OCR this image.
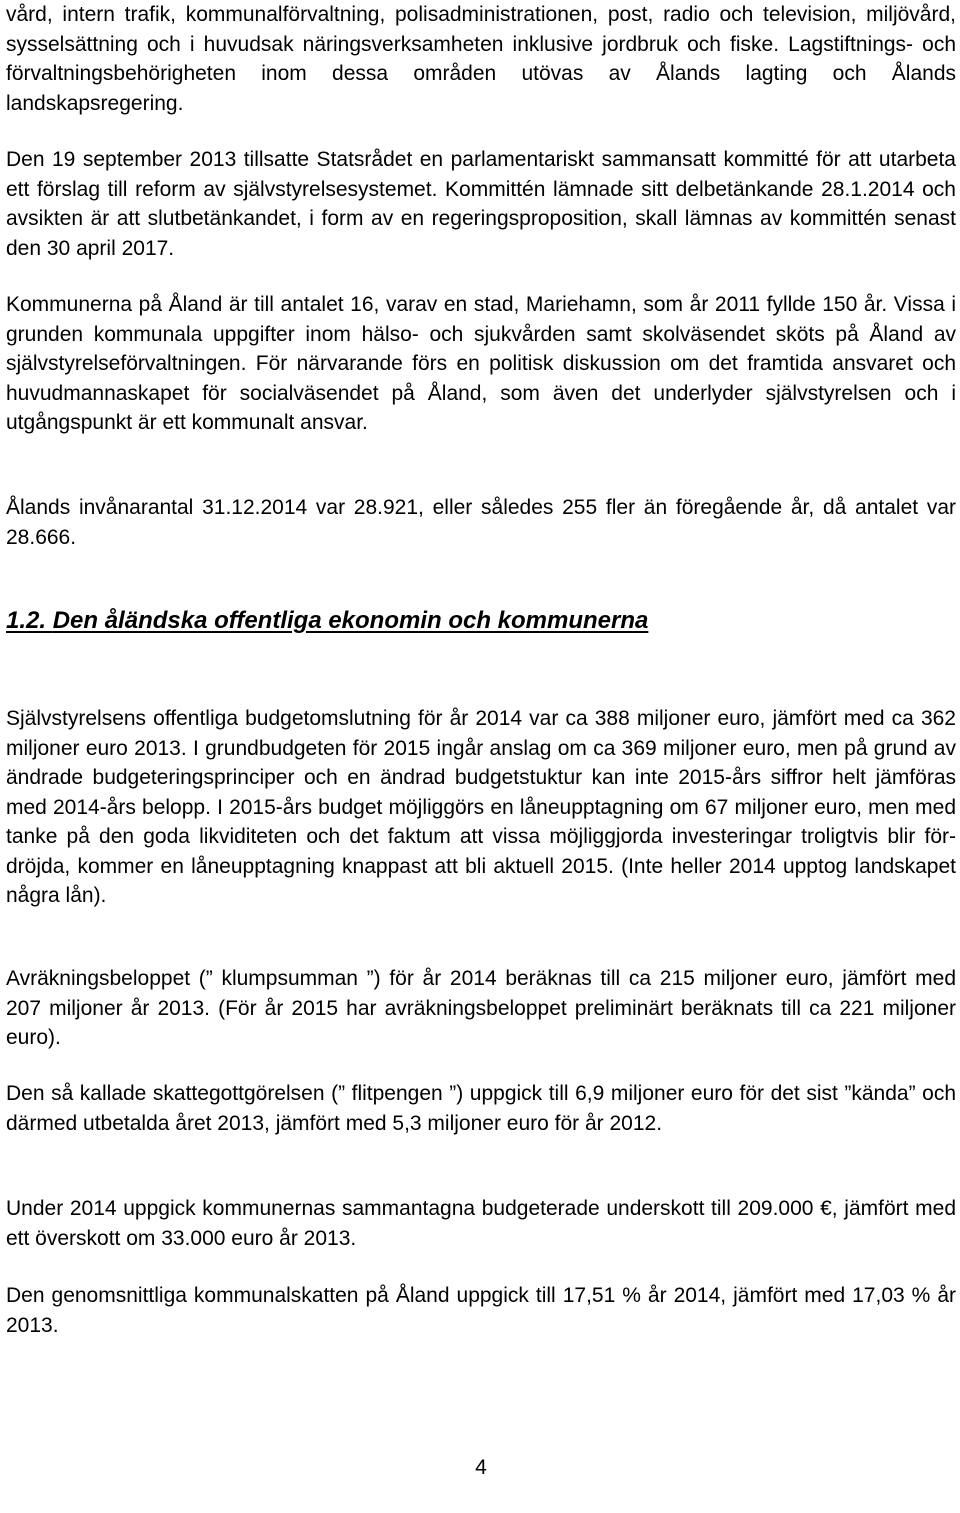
vård, intern trafik, kommunalförvaltning, polisadministrationen, post, radio och television, miljövård, sysselsättning och i huvudsak näringsverksamheten inklusive jordbruk och fiske. Lagstiftnings- och förvaltningsbehörigheten inom dessa områden utövas av Ålands lagting och Ålands landskapsregering.

Den 19 september 2013 tillsatte Statsrådet en parlamentariskt sammansatt kommitté för att utarbeta ett förslag till reform av självstyrelsesystemet. Kommittén lämnade sitt delbetänkande 28.1.2014 och avsikten är att slutbetänkandet, i form av en regeringsproposition, skall lämnas av kommittén senast den 30 april 2017.

Kommunerna på Åland är till antalet 16, varav en stad, Mariehamn, som år 2011 fyllde 150 år. Vissa i grunden kommunala uppgifter inom hälso- och sjukvården samt skolväsendet sköts på Åland av självstyrelseförvaltningen. För närvarande förs en politisk diskussion om det framtida ansvaret och huvudmannaskapet för socialväsendet på Åland, som även det underlyder självstyrelsen och i utgångspunkt är ett kommunalt ansvar.

Ålands invånarantal 31.12.2014 var 28.921, eller således 255 fler än föregående år, då antalet var 28.666.

1.2. Den åländska offentliga ekonomin och kommunerna

Självstyrelsens offentliga budgetomslutning för år 2014 var ca 388 miljoner euro, jämfört med ca 362 miljoner euro 2013. I grundbudgeten för 2015 ingår anslag om ca 369 miljoner euro, men på grund av ändrade budgeteringsprinciper och en ändrad budgetstuktur kan inte 2015-års siffror helt jämföras med 2014-års belopp. I 2015-års budget möjliggörs en låneupptagning om 67 miljoner euro, men med tanke på den goda likviditeten och det faktum att vissa möjliggjorda investeringar troligtvis blir fördröjda, kommer en låneupptagning knappast att bli aktuell 2015. (Inte heller 2014 upptog landskapet några lån).

Avräkningsbeloppet (” klumpsumman ”) för år 2014 beräknas till ca 215 miljoner euro, jämfört med 207 miljoner år 2013. (För år 2015 har avräkningsbeloppet preliminärt beräknats till ca 221 miljoner euro).

Den så kallade skattegottgörelsen (” flitpengen ”) uppgick till 6,9 miljoner euro för det sist ”kända” och därmed utbetalda året 2013, jämfört med 5,3 miljoner euro för år 2012.

Under 2014 uppgick kommunernas sammantagna budgeterade underskott till 209.000 €, jämfört med ett överskott om 33.000 euro år 2013.

Den genomsnittliga kommunalskatten på Åland uppgick till 17,51 % år 2014, jämfört med 17,03 % år 2013.

4
